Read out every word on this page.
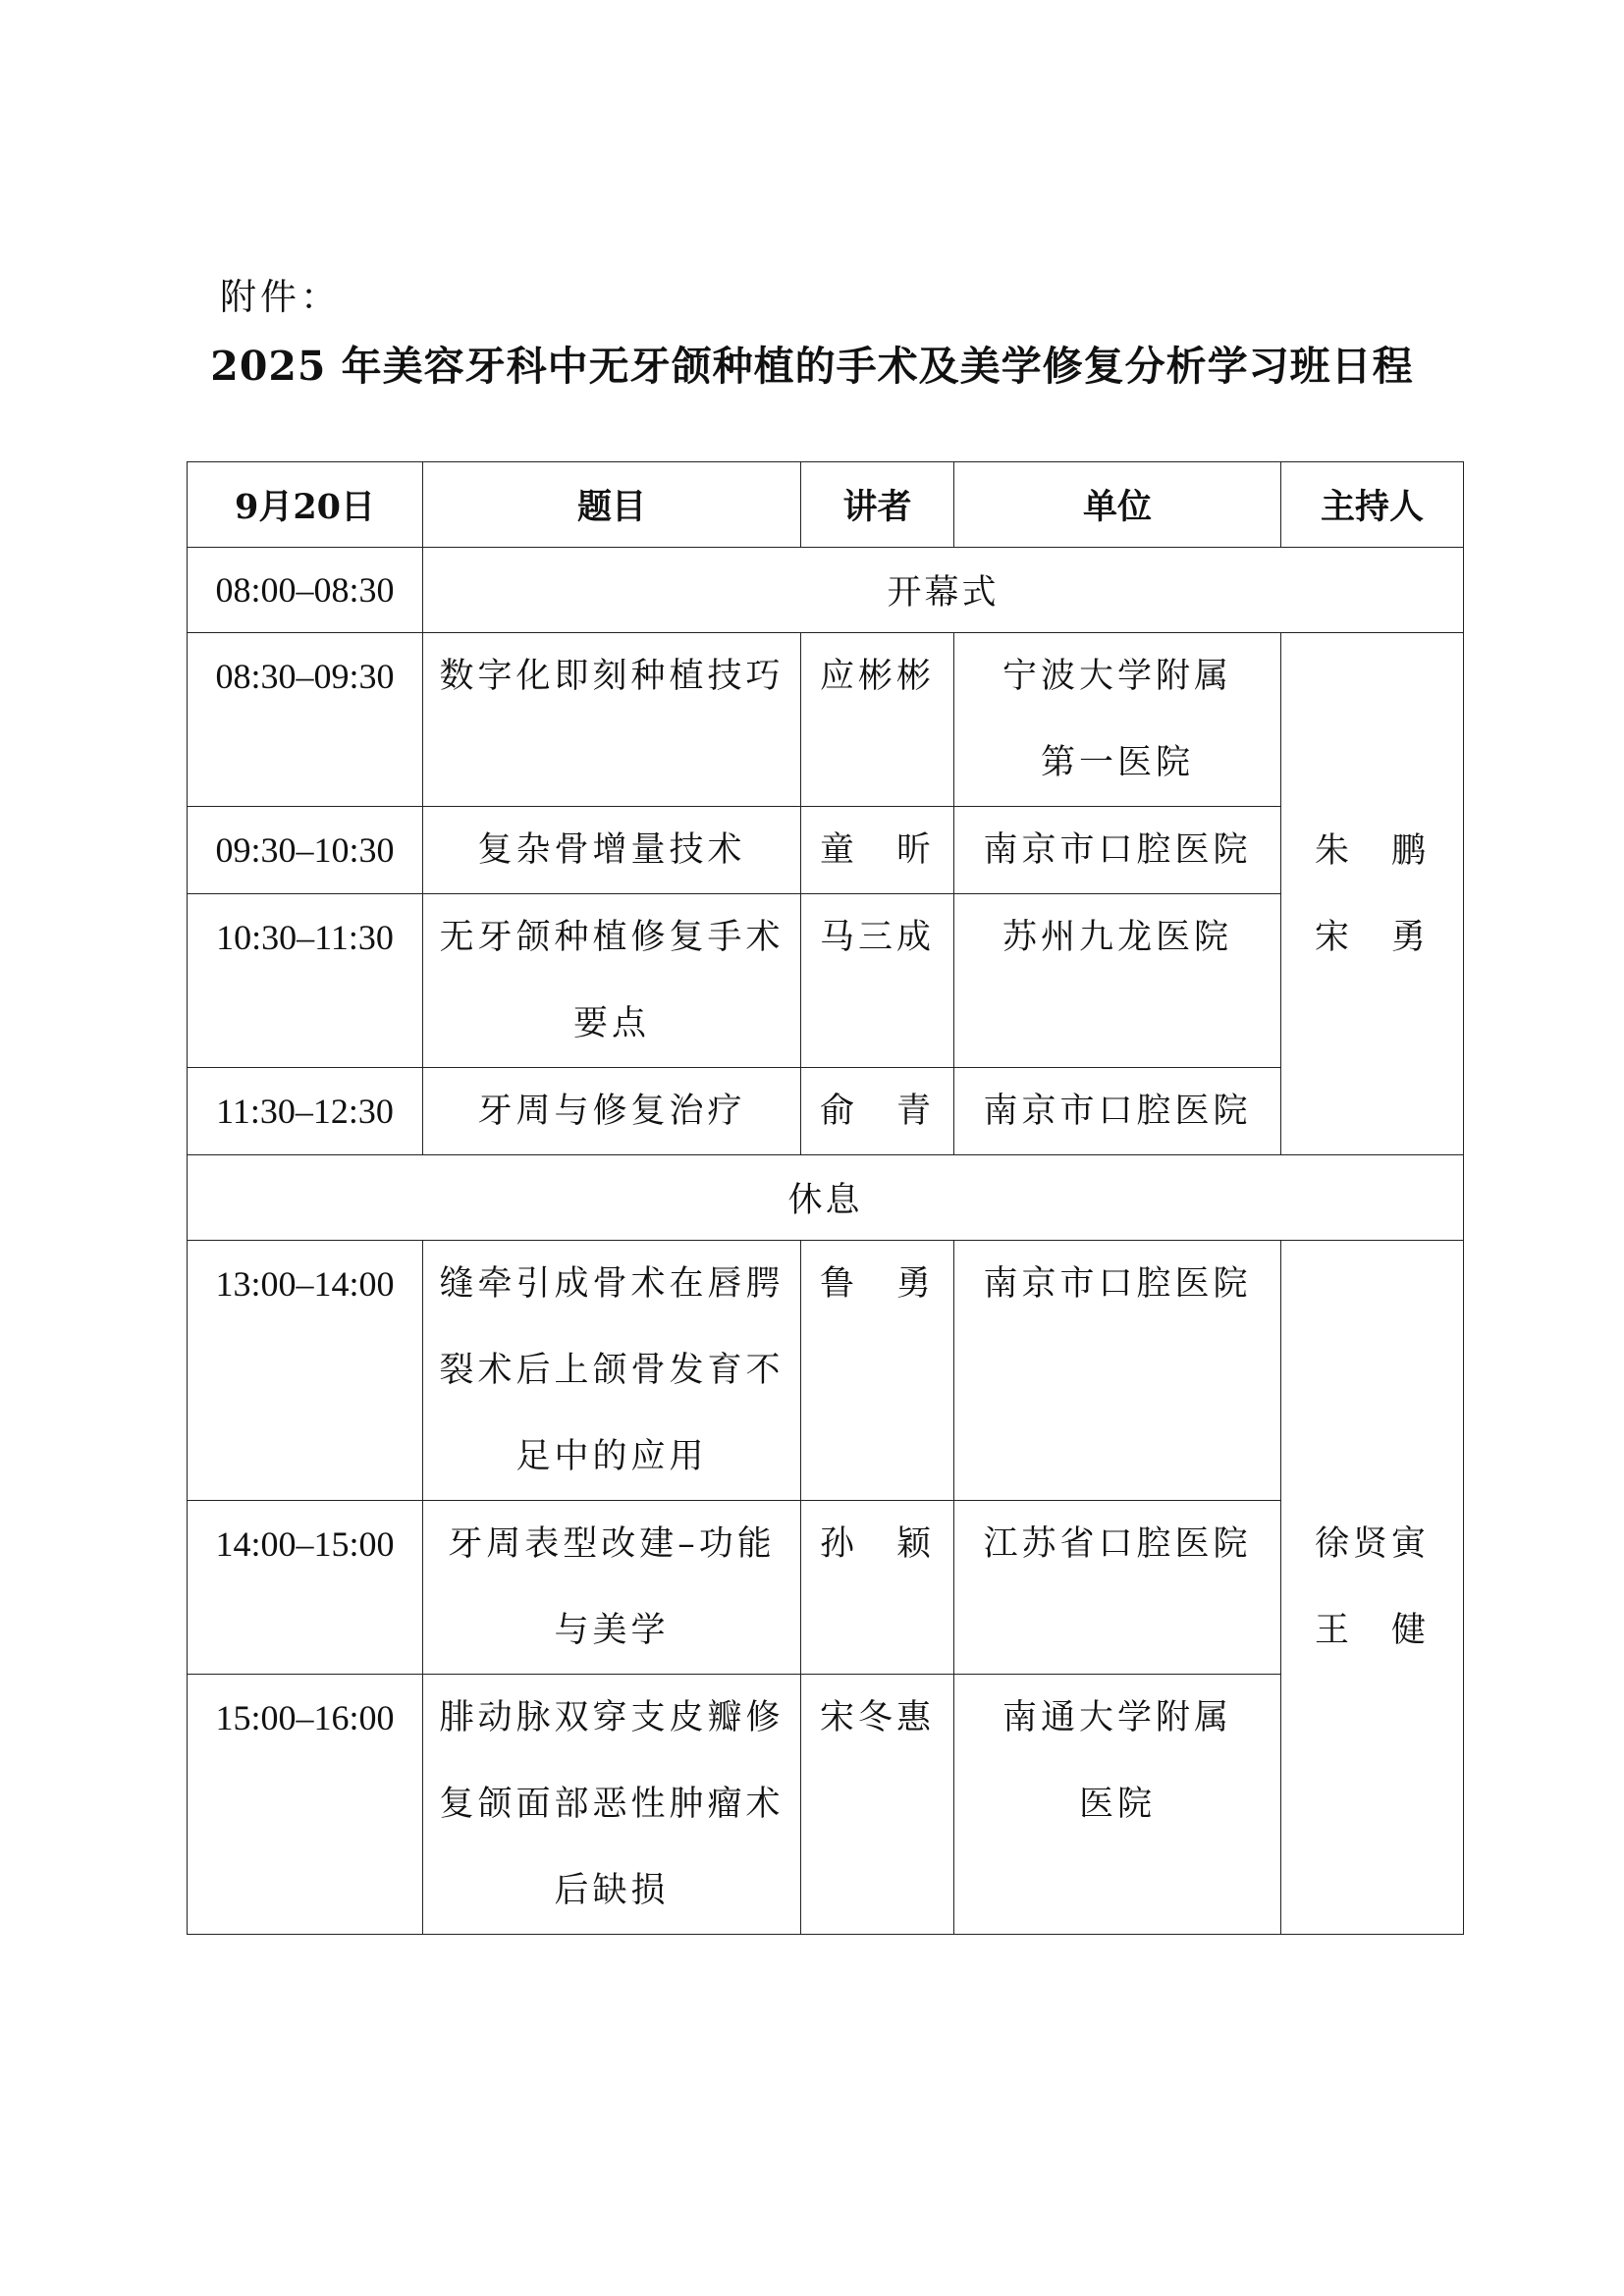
附件：
2025 年美容牙科中无牙颌种植的手术及美学修复分析学习班日程
9月20日	题目	讲者	单位	主持人
08:00–08:30	开幕式			

08:30–09:30	数字化即刻种植技巧	应彬彬	宁波大学附属
第一医院	朱　鹏
宋　勇

09:30–10:30	复杂骨增量技术	童　昕	南京市口腔医院	

10:30–11:30	无牙颌种植修复手术
要点	马三成	苏州九龙医院	

11:30–12:30	牙周与修复治疗	俞　青	南京市口腔医院	

休息				

13:00–14:00	缝牵引成骨术在唇腭
裂术后上颌骨发育不
足中的应用	鲁　勇	南京市口腔医院	徐贤寅
王　健

14:00–15:00	牙周表型改建–功能
与美学	孙　颖	江苏省口腔医院	

15:00–16:00	腓动脉双穿支皮瓣修
复颌面部恶性肿瘤术
后缺损	宋冬惠	南通大学附属
医院	
